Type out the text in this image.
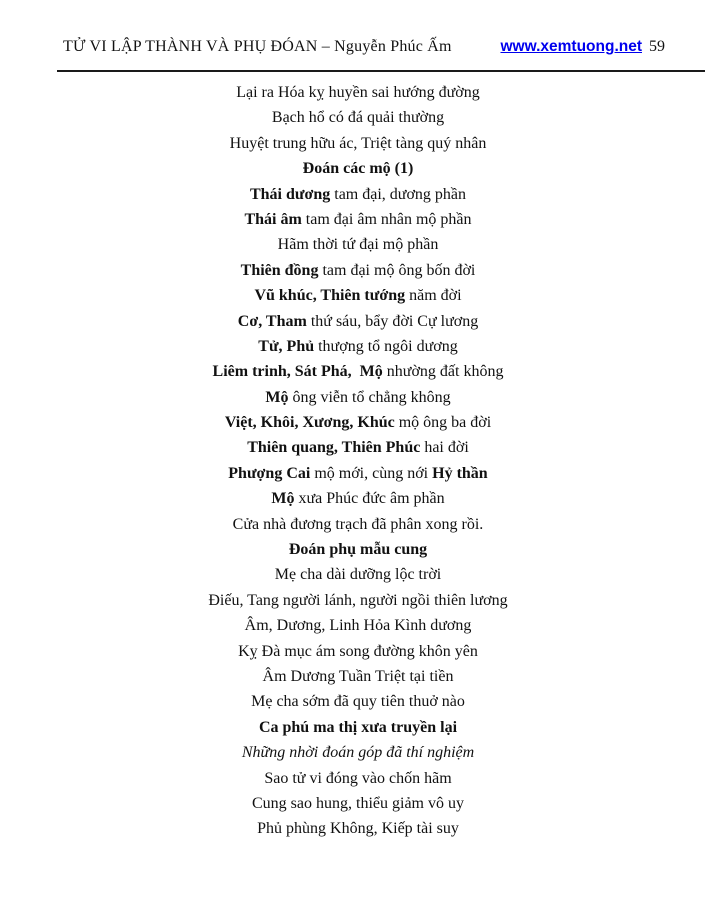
TỬ VI LẬP THÀNH VÀ PHỤ ĐÓAN – Nguyễn Phúc Ấm	www.xemtuong.net 59
Lại ra Hóa kỵ huyền sai hướng đường
Bạch hổ có đá quải thường
Huyệt trung hữu ác, Triệt tàng quý nhân
Đoán các mộ (1)
Thái dương tam đại, dương phần
Thái âm tam đại âm nhân mộ phần
Hãm thời tứ đại mộ phần
Thiên đồng tam đại mộ ông bốn đời
Vũ khúc, Thiên tướng năm đời
Cơ, Tham thứ sáu, bẩy đời Cự lương
Tử, Phủ thượng tổ ngôi dương
Liêm trinh, Sát Phá,  Mộ nhường đất không
Mộ ông viễn tổ chẳng không
Việt, Khôi, Xương, Khúc mộ ông ba đời
Thiên quang, Thiên Phúc hai đời
Phượng Cai mộ mới, cùng nới Hỷ thần
Mộ xưa Phúc đức âm phần
Cửa nhà đương trạch đã phân xong rồi.
Đoán phụ mẫu cung
Mẹ cha dài dưỡng lộc trời
Điếu, Tang người lánh, người ngồi thiên lương
Âm, Dương, Linh Hỏa Kình dương
Kỵ Đà mục ám song đường khôn yên
Âm Dương Tuần Triệt tại tiền
Mẹ cha sớm đã quy tiên thuở nào
Ca phú ma thị xưa truyền lại
Những nhời đoán góp đã thí nghiệm
Sao tử vi đóng vào chốn hãm
Cung sao hung, thiểu giảm vô uy
Phủ phùng Không, Kiếp tài suy
